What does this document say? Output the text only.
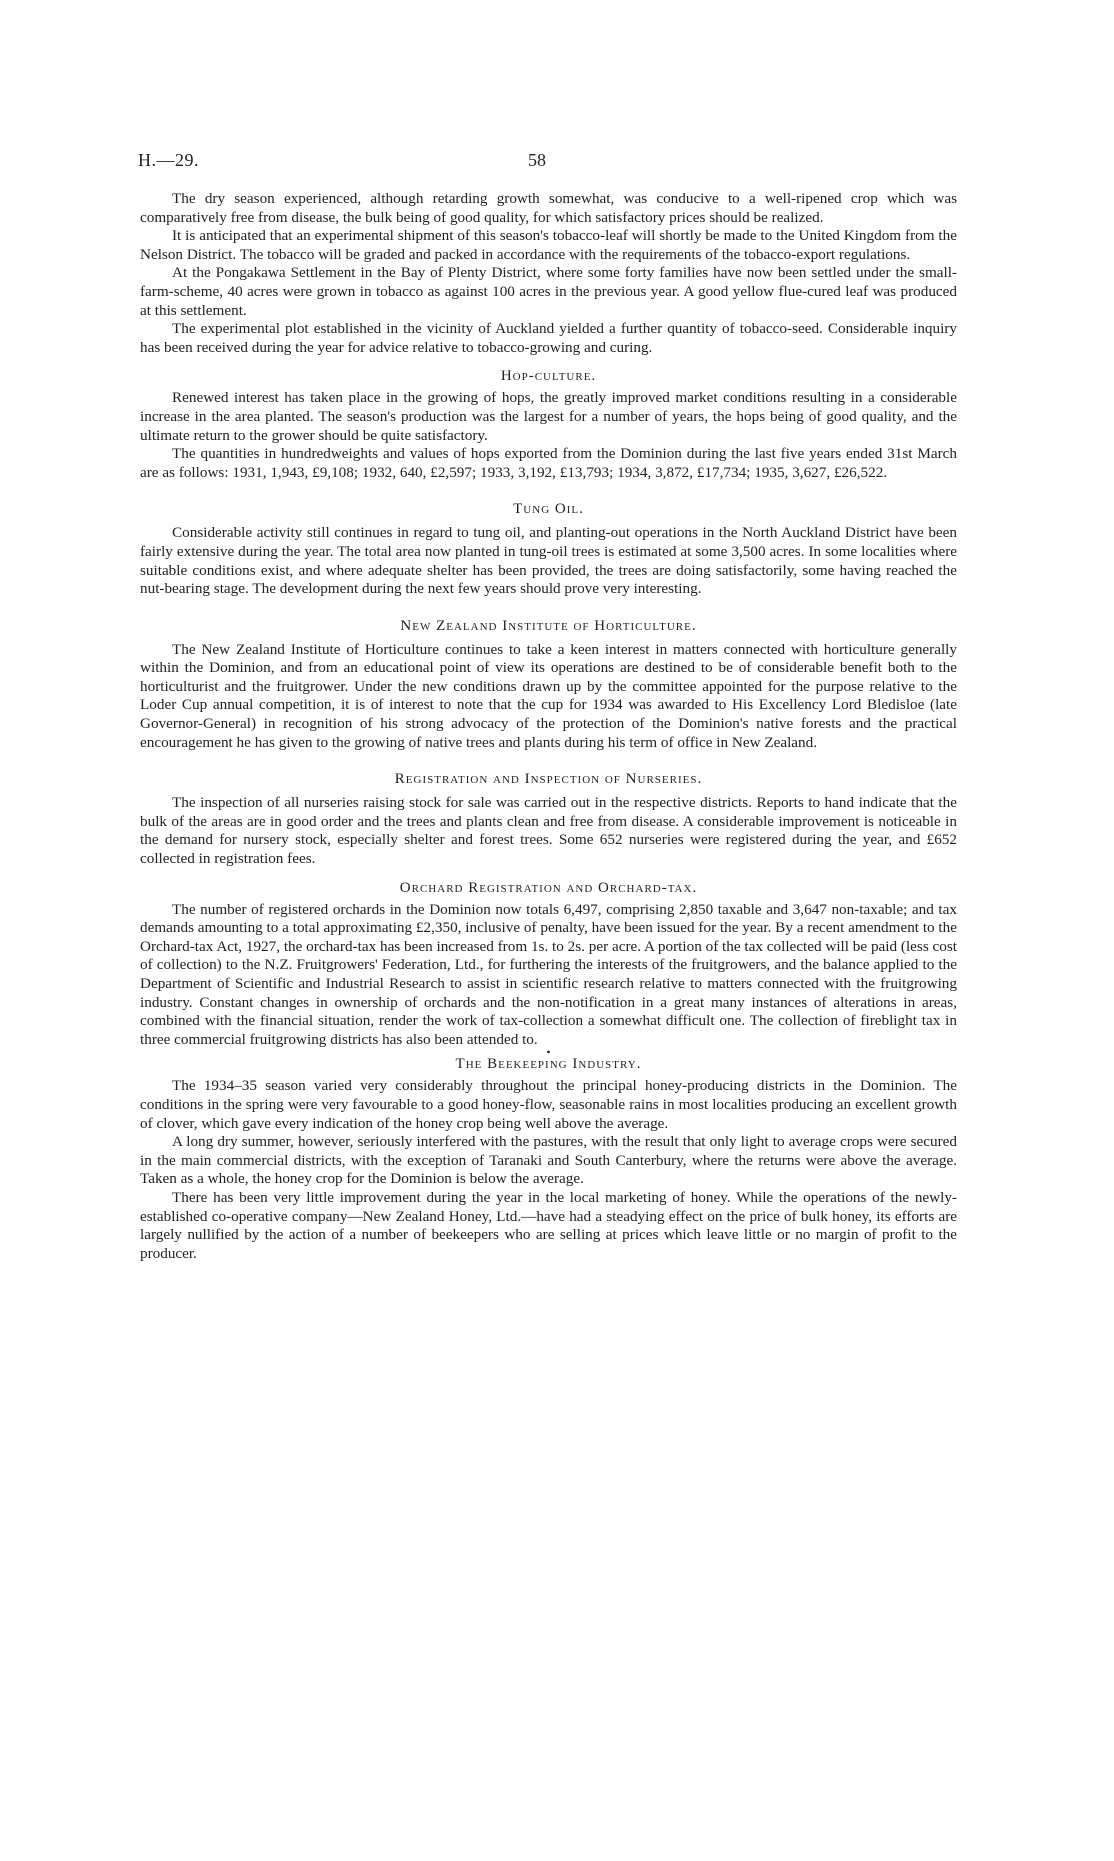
H.—29.	58

The dry season experienced, although retarding growth somewhat, was conducive to a well-ripened crop which was comparatively free from disease, the bulk being of good quality, for which satisfactory prices should be realized.

It is anticipated that an experimental shipment of this season's tobacco-leaf will shortly be made to the United Kingdom from the Nelson District. The tobacco will be graded and packed in accordance with the requirements of the tobacco-export regulations.

At the Pongakawa Settlement in the Bay of Plenty District, where some forty families have now been settled under the small-farm-scheme, 40 acres were grown in tobacco as against 100 acres in the previous year. A good yellow flue-cured leaf was produced at this settlement.

The experimental plot established in the vicinity of Auckland yielded a further quantity of tobacco-seed. Considerable inquiry has been received during the year for advice relative to tobacco-growing and curing.

Hop-culture.

Renewed interest has taken place in the growing of hops, the greatly improved market conditions resulting in a considerable increase in the area planted. The season's production was the largest for a number of years, the hops being of good quality, and the ultimate return to the grower should be quite satisfactory.

The quantities in hundredweights and values of hops exported from the Dominion during the last five years ended 31st March are as follows: 1931, 1,943, £9,108; 1932, 640, £2,597; 1933, 3,192, £13,793; 1934, 3,872, £17,734; 1935, 3,627, £26,522.

Tung Oil.

Considerable activity still continues in regard to tung oil, and planting-out operations in the North Auckland District have been fairly extensive during the year. The total area now planted in tung-oil trees is estimated at some 3,500 acres. In some localities where suitable conditions exist, and where adequate shelter has been provided, the trees are doing satisfactorily, some having reached the nut-bearing stage. The development during the next few years should prove very interesting.

New Zealand Institute of Horticulture.

The New Zealand Institute of Horticulture continues to take a keen interest in matters connected with horticulture generally within the Dominion, and from an educational point of view its operations are destined to be of considerable benefit both to the horticulturist and the fruitgrower. Under the new conditions drawn up by the committee appointed for the purpose relative to the Loder Cup annual competition, it is of interest to note that the cup for 1934 was awarded to His Excellency Lord Bledisloe (late Governor-General) in recognition of his strong advocacy of the protection of the Dominion's native forests and the practical encouragement he has given to the growing of native trees and plants during his term of office in New Zealand.

Registration and Inspection of Nurseries.

The inspection of all nurseries raising stock for sale was carried out in the respective districts. Reports to hand indicate that the bulk of the areas are in good order and the trees and plants clean and free from disease. A considerable improvement is noticeable in the demand for nursery stock, especially shelter and forest trees. Some 652 nurseries were registered during the year, and £652 collected in registration fees.

Orchard Registration and Orchard-tax.

The number of registered orchards in the Dominion now totals 6,497, comprising 2,850 taxable and 3,647 non-taxable; and tax demands amounting to a total approximating £2,350, inclusive of penalty, have been issued for the year. By a recent amendment to the Orchard-tax Act, 1927, the orchard-tax has been increased from 1s. to 2s. per acre. A portion of the tax collected will be paid (less cost of collection) to the N.Z. Fruitgrowers' Federation, Ltd., for furthering the interests of the fruitgrowers, and the balance applied to the Department of Scientific and Industrial Research to assist in scientific research relative to matters connected with the fruitgrowing industry. Constant changes in ownership of orchards and the non-notification in a great many instances of alterations in areas, combined with the financial situation, render the work of tax-collection a somewhat difficult one. The collection of fireblight tax in three commercial fruitgrowing districts has also been attended to.

•
The Beekeeping Industry.

The 1934–35 season varied very considerably throughout the principal honey-producing districts in the Dominion. The conditions in the spring were very favourable to a good honey-flow, seasonable rains in most localities producing an excellent growth of clover, which gave every indication of the honey crop being well above the average.

A long dry summer, however, seriously interfered with the pastures, with the result that only light to average crops were secured in the main commercial districts, with the exception of Taranaki and South Canterbury, where the returns were above the average. Taken as a whole, the honey crop for the Dominion is below the average.

There has been very little improvement during the year in the local marketing of honey. While the operations of the newly-established co-operative company—New Zealand Honey, Ltd.—have had a steadying effect on the price of bulk honey, its efforts are largely nullified by the action of a number of beekeepers who are selling at prices which leave little or no margin of profit to the producer.
